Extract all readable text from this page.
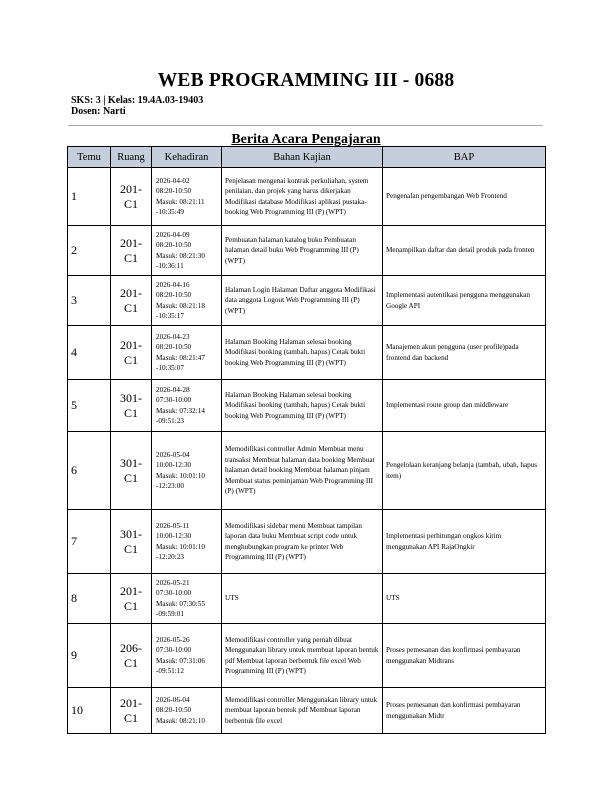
WEB PROGRAMMING III - 0688
SKS: 3 | Kelas: 19.4A.03-19403
Dosen: Narti
Berita Acara Pengajaran
Temu	Ruang	Kehadiran	Bahan Kajian	BAP
1	201-C1	2026-04-02
08:20-10:50
Masuk: 08:21:11
-10:35:49	Penjelasan mengenai kontrak perkuliahan, system penilaian, dan projek yang harus dikerjakan Modifikasi database Modifikasi aplikasi pustaka-booking Web Programming III (P) (WPT)	Pengenalan pengembangan Web Frontend

2	201-C1	2026-04-09
08:20-10:50
Masuk: 08:21:30
-10:36:11	Pembuatan halaman katalog buku Pembuatan halaman detail buku Web Programming III (P) (WPT)	Menampilkan daftar dan detail produk pada fronten

3	201-C1	2026-04-16
08:20-10:50
Masuk: 08:21:18
-10:35:17	Halaman Login Halaman Daftar anggota Modifikasi data anggota Logout Web Programming III (P) (WPT)	Implementasi autentikasi pengguna menggunakan Google API

4	201-C1	2026-04-23
08:20-10:50
Masuk: 08:21:47
-10:35:07	Halaman Booking Halaman selesai booking Modifikasi booking (tambah, hapus) Cetak bukti booking Web Programming III (P) (WPT)	Manajemen akun pengguna (user profile)pada frontend dan backend

5	301-C1	2026-04-28
07:30-10:00
Masuk: 07:32:14
-09:51:23	Halaman Booking Halaman selesai booking Modifikasi booking (tambah, hapus) Cetak bukti booking Web Programming III (P) (WPT)	Implementasi route group dan middleware

6	301-C1	2026-05-04
10:00-12:30
Masuk: 10:01:10
-12:23:00	Memodifikasi controller Admin Membuat menu transaksi Membuat halaman data booking Membuat halaman detail booking Membuat halaman pinjam Membuat status peminjaman Web Programming III (P) (WPT)	Pengelolaan keranjang belanja (tambah, ubah, hapus item)

7	301-C1	2026-05-11
10:00-12:30
Masuk: 10:01:10
-12:20:23	Memodifikasi sidebar menu Membuat tampilan laporan data buku Membuat script code untuk menghubungkan program ke printer Web Programming III (P) (WPT)	Implementasi perhitungan ongkos kirim menggunakan API RajaOngkir

8	201-C1	2026-05-21
07:30-10:00
Masuk: 07:30:55
-09:59:01	UTS	UTS

9	206-C1	2026-05-26
07:30-10:00
Masuk: 07:31:06
-09:51:12	Memodifikasi controller yang pernah dibuat Menggunakan library untuk membuat laporan bentuk pdf Membuat laporan berbentuk file excel Web Programming III (P) (WPT)	Proses pemesanan dan konfirmasi pembayaran menggunakan Midtrans

10	201-C1	2026-06-04
08:20-10:50
Masuk: 08:21:10	Memodifikasi controller Menggunakan library untuk membuat laporan bentuk pdf Membuat laporan berbentuk file excel	Proses pemesanan dan konfirmasi pembayaran menggunakan Midtr
